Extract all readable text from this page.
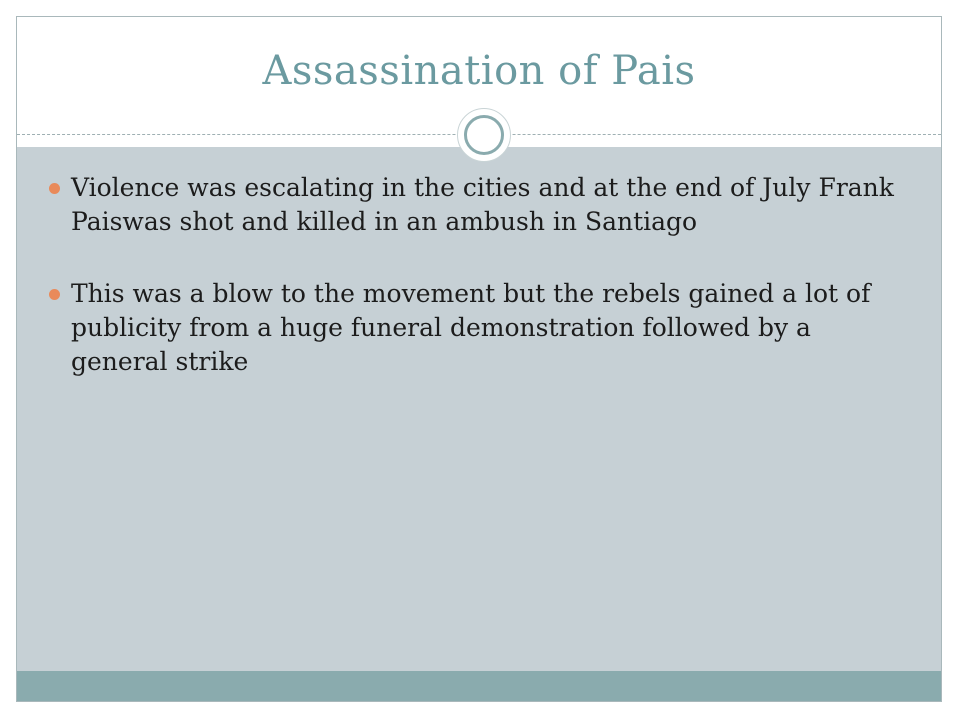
Assassination of Pais
Violence was escalating in the cities and at the end of July Frank Paiswas shot and killed in an ambush in Santiago
This was a blow to the movement but the rebels gained a lot of publicity from a huge funeral demonstration followed by a general strike
